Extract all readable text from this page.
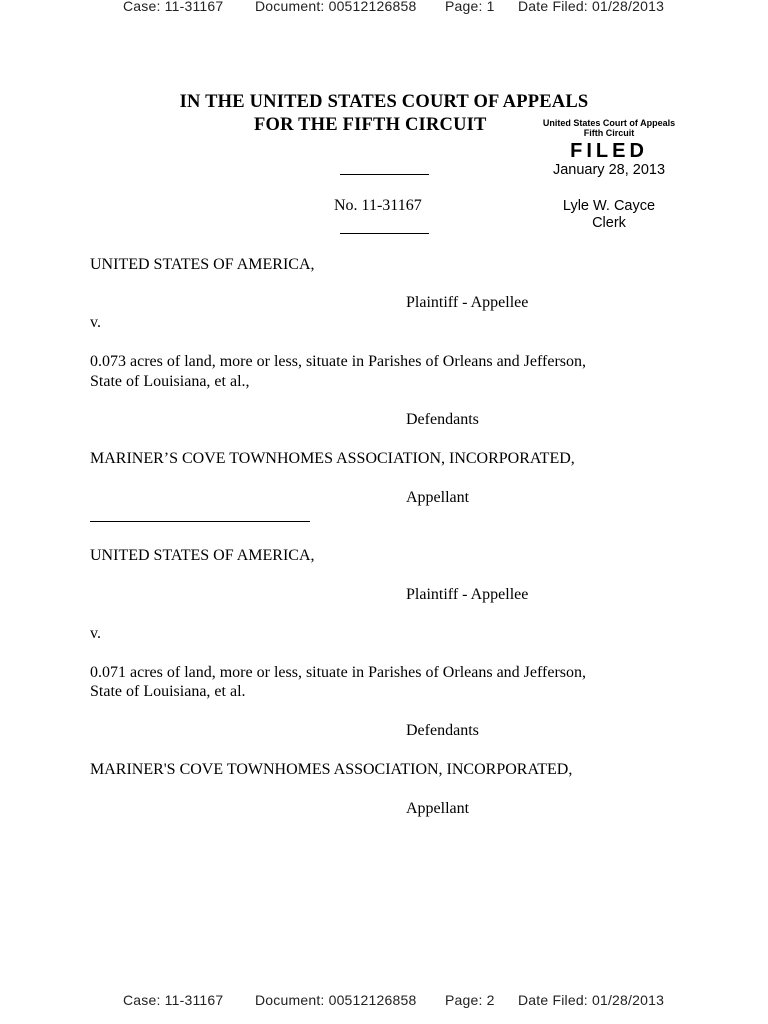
Case: 11-31167 Document: 00512126858 Page: 1 Date Filed: 01/28/2013
IN THE UNITED STATES COURT OF APPEALS
FOR THE FIFTH CIRCUIT	United States Court of Appeals
Fifth Circuit
FILED
January 28, 2013
Lyle W. Cayce
Clerk
No. 11-31167
UNITED STATES OF AMERICA,
Plaintiff - Appellee
v.
0.073 acres of land, more or less, situate in Parishes of Orleans and Jefferson,
State of Louisiana, et al.,
Defendants
MARINER’S COVE TOWNHOMES ASSOCIATION, INCORPORATED,
Appellant
UNITED STATES OF AMERICA,
Plaintiff - Appellee
v.
0.071 acres of land, more or less, situate in Parishes of Orleans and Jefferson,
State of Louisiana, et al.
Defendants
MARINER'S COVE TOWNHOMES ASSOCIATION, INCORPORATED,
Appellant
Case: 11-31167 Document: 00512126858 Page: 2 Date Filed: 01/28/2013
